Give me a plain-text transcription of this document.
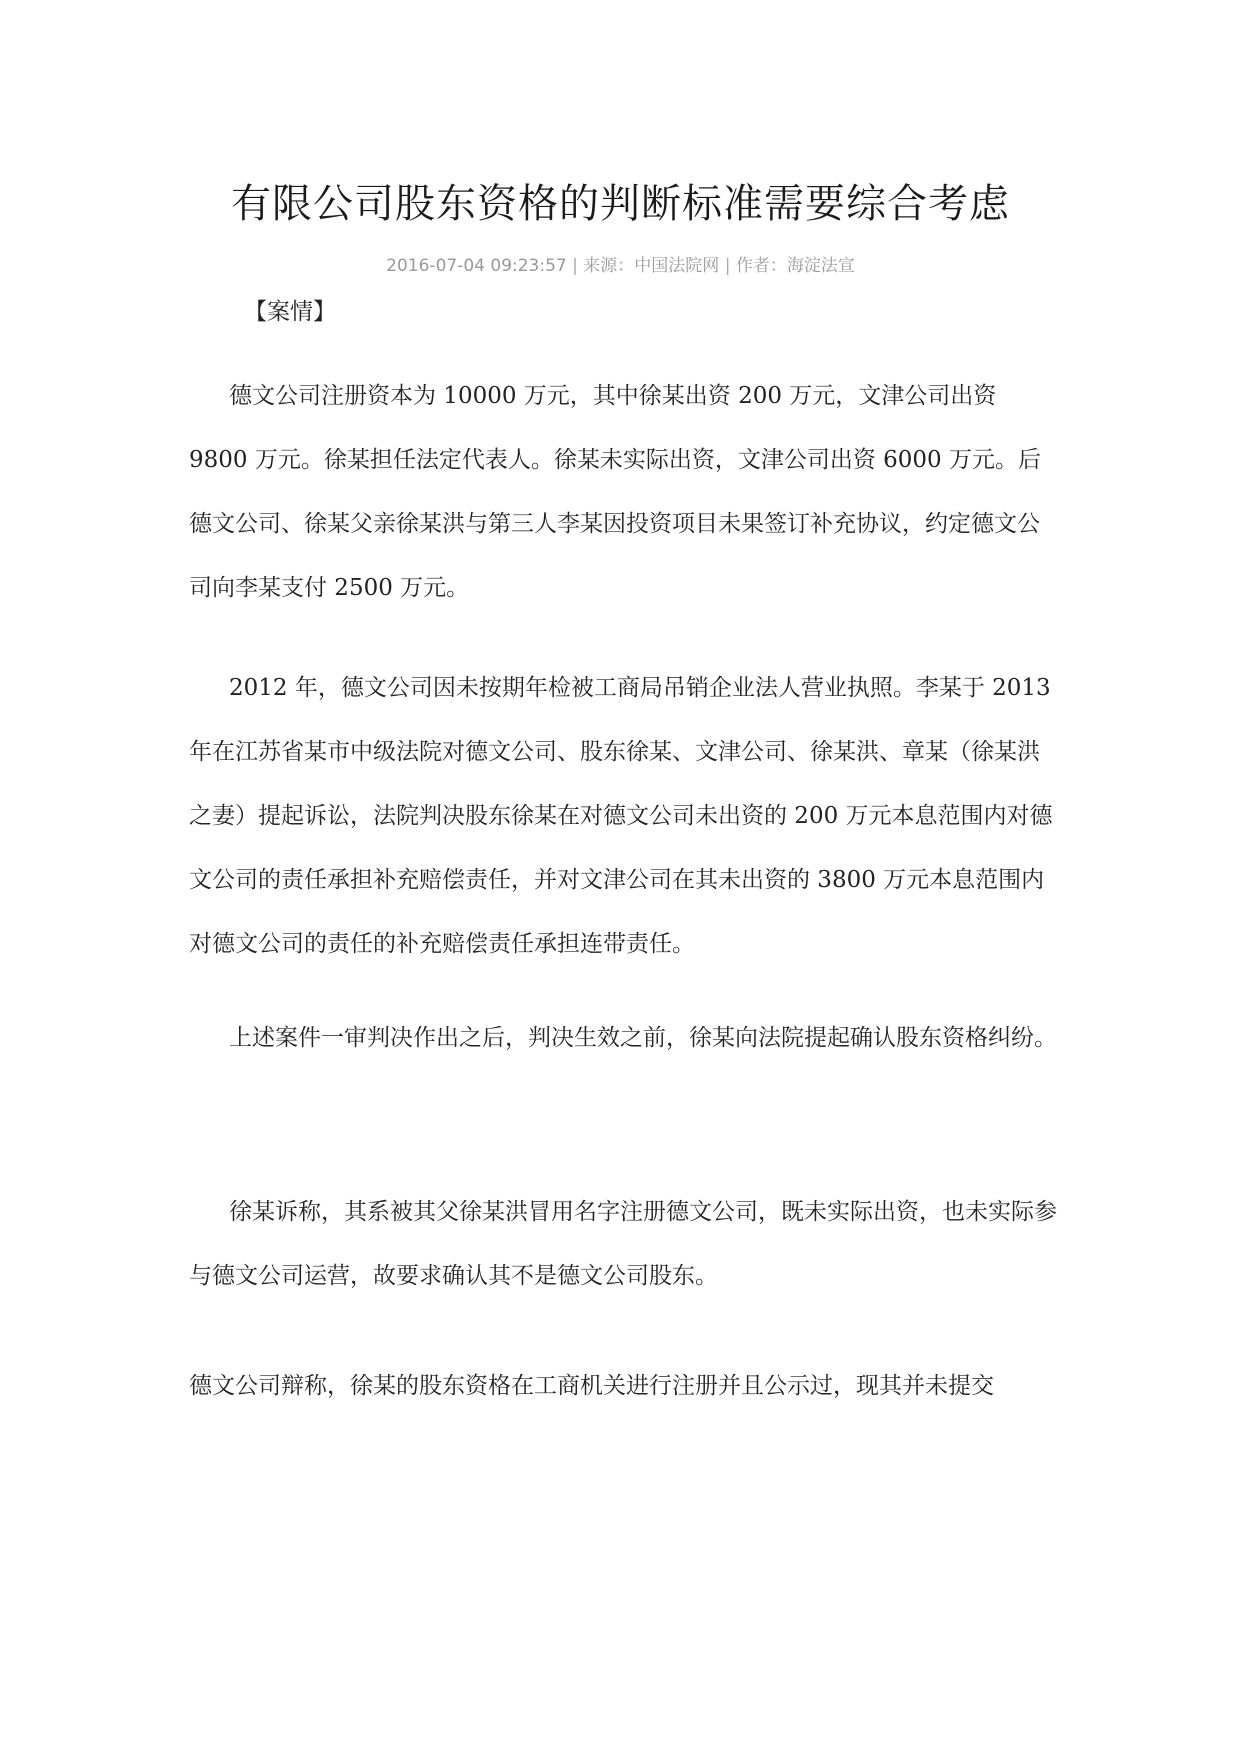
有限公司股东资格的判断标准需要综合考虑
2016-07-04 09:23:57 | 来源：中国法院网 | 作者：海淀法宣
【案情】

德文公司注册资本为 10000 万元，其中徐某出资 200 万元，文津公司出资 9800 万元。徐某担任法定代表人。徐某未实际出资，文津公司出资 6000 万元。后德文公司、徐某父亲徐某洪与第三人李某因投资项目未果签订补充协议，约定德文公司向李某支付 2500 万元。

2012 年，德文公司因未按期年检被工商局吊销企业法人营业执照。李某于 2013 年在江苏省某市中级法院对德文公司、股东徐某、文津公司、徐某洪、章某（徐某洪之妻）提起诉讼，法院判决股东徐某在对德文公司未出资的 200 万元本息范围内对德文公司的责任承担补充赔偿责任，并对文津公司在其未出资的 3800 万元本息范围内对德文公司的责任的补充赔偿责任承担连带责任。

上述案件一审判决作出之后，判决生效之前，徐某向法院提起确认股东资格纠纷。

徐某诉称，其系被其父徐某洪冒用名字注册德文公司，既未实际出资，也未实际参与德文公司运营，故要求确认其不是德文公司股东。

德文公司辩称，徐某的股东资格在工商机关进行注册并且公示过，现其并未提交
